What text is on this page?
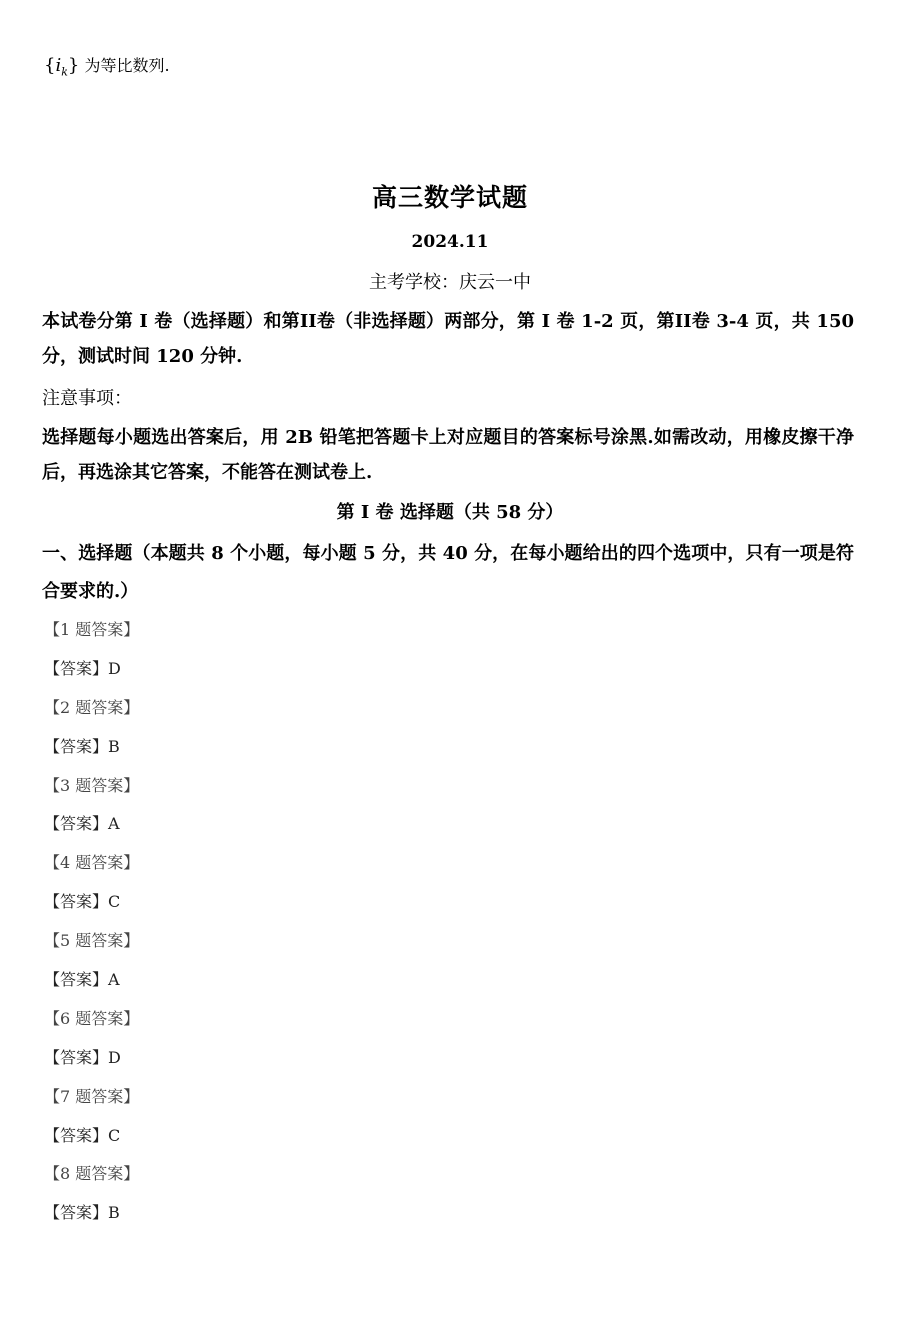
$\{i_k\}$ 为等比数列.
高三数学试题
2024.11
主考学校：庆云一中
本试卷分第 I 卷（选择题）和第II卷（非选择题）两部分，第 I 卷 1-2 页，第II卷 3-4 页，共 150 分，测试时间 120 分钟.
注意事项：
选择题每小题选出答案后，用 2B 铅笔把答题卡上对应题目的答案标号涂黑.如需改动，用橡皮擦干净后，再选涂其它答案，不能答在测试卷上.
第 I 卷 选择题（共 58 分）
一、选择题（本题共 8 个小题，每小题 5 分，共 40 分，在每小题给出的四个选项中，只有一项是符合要求的.）
【1 题答案】
【答案】D
【2 题答案】
【答案】B
【3 题答案】
【答案】A
【4 题答案】
【答案】C
【5 题答案】
【答案】A
【6 题答案】
【答案】D
【7 题答案】
【答案】C
【8 题答案】
【答案】B
